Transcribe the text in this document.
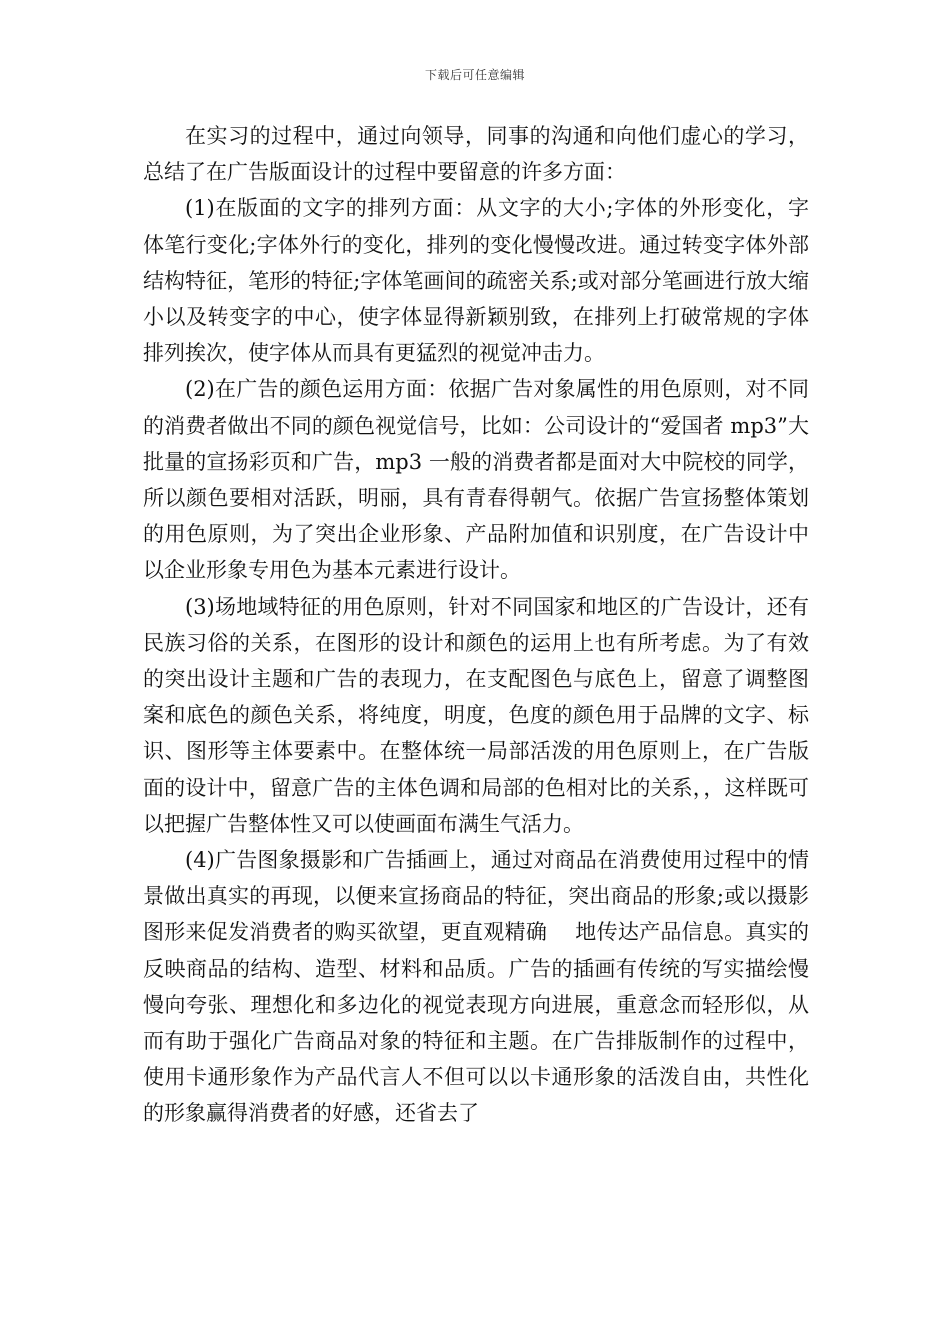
下载后可任意编辑

在实习的过程中，通过向领导，同事的沟通和向他们虚心的学习，总结了在广告版面设计的过程中要留意的许多方面：

(1)在版面的文字的排列方面：从文字的大小;字体的外形变化，字体笔行变化;字体外行的变化，排列的变化慢慢改进。通过转变字体外部结构特征，笔形的特征;字体笔画间的疏密关系;或对部分笔画进行放大缩小以及转变字的中心，使字体显得新颖别致，在排列上打破常规的字体排列挨次，使字体从而具有更猛烈的视觉冲击力。

(2)在广告的颜色运用方面：依据广告对象属性的用色原则，对不同的消费者做出不同的颜色视觉信号，比如：公司设计的“爱国者 mp3”大批量的宣扬彩页和广告，mp3 一般的消费者都是面对大中院校的同学，所以颜色要相对活跃，明丽，具有青春得朝气。依据广告宣扬整体策划的用色原则，为了突出企业形象、产品附加值和识别度，在广告设计中以企业形象专用色为基本元素进行设计。

(3)场地域特征的用色原则，针对不同国家和地区的广告设计，还有民族习俗的关系，在图形的设计和颜色的运用上也有所考虑。为了有效的突出设计主题和广告的表现力，在支配图色与底色上，留意了调整图案和底色的颜色关系，将纯度，明度，色度的颜色用于品牌的文字、标识、图形等主体要素中。在整体统一局部活泼的用色原则上，在广告版面的设计中，留意广告的主体色调和局部的色相对比的关系，，这样既可以把握广告整体性又可以使画面布满生气活力。

(4)广告图象摄影和广告插画上，通过对商品在消费使用过程中的情景做出真实的再现，以便来宣扬商品的特征，突出商品的形象;或以摄影图形来促发消费者的购买欲望，更直观精确　 地传达产品信息。真实的反映商品的结构、造型、材料和品质。广告的插画有传统的写实描绘慢慢向夸张、理想化和多边化的视觉表现方向进展，重意念而轻形似，从而有助于强化广告商品对象的特征和主题。在广告排版制作的过程中，使用卡通形象作为产品代言人不但可以以卡通形象的活泼自由，共性化的形象赢得消费者的好感，还省去了
